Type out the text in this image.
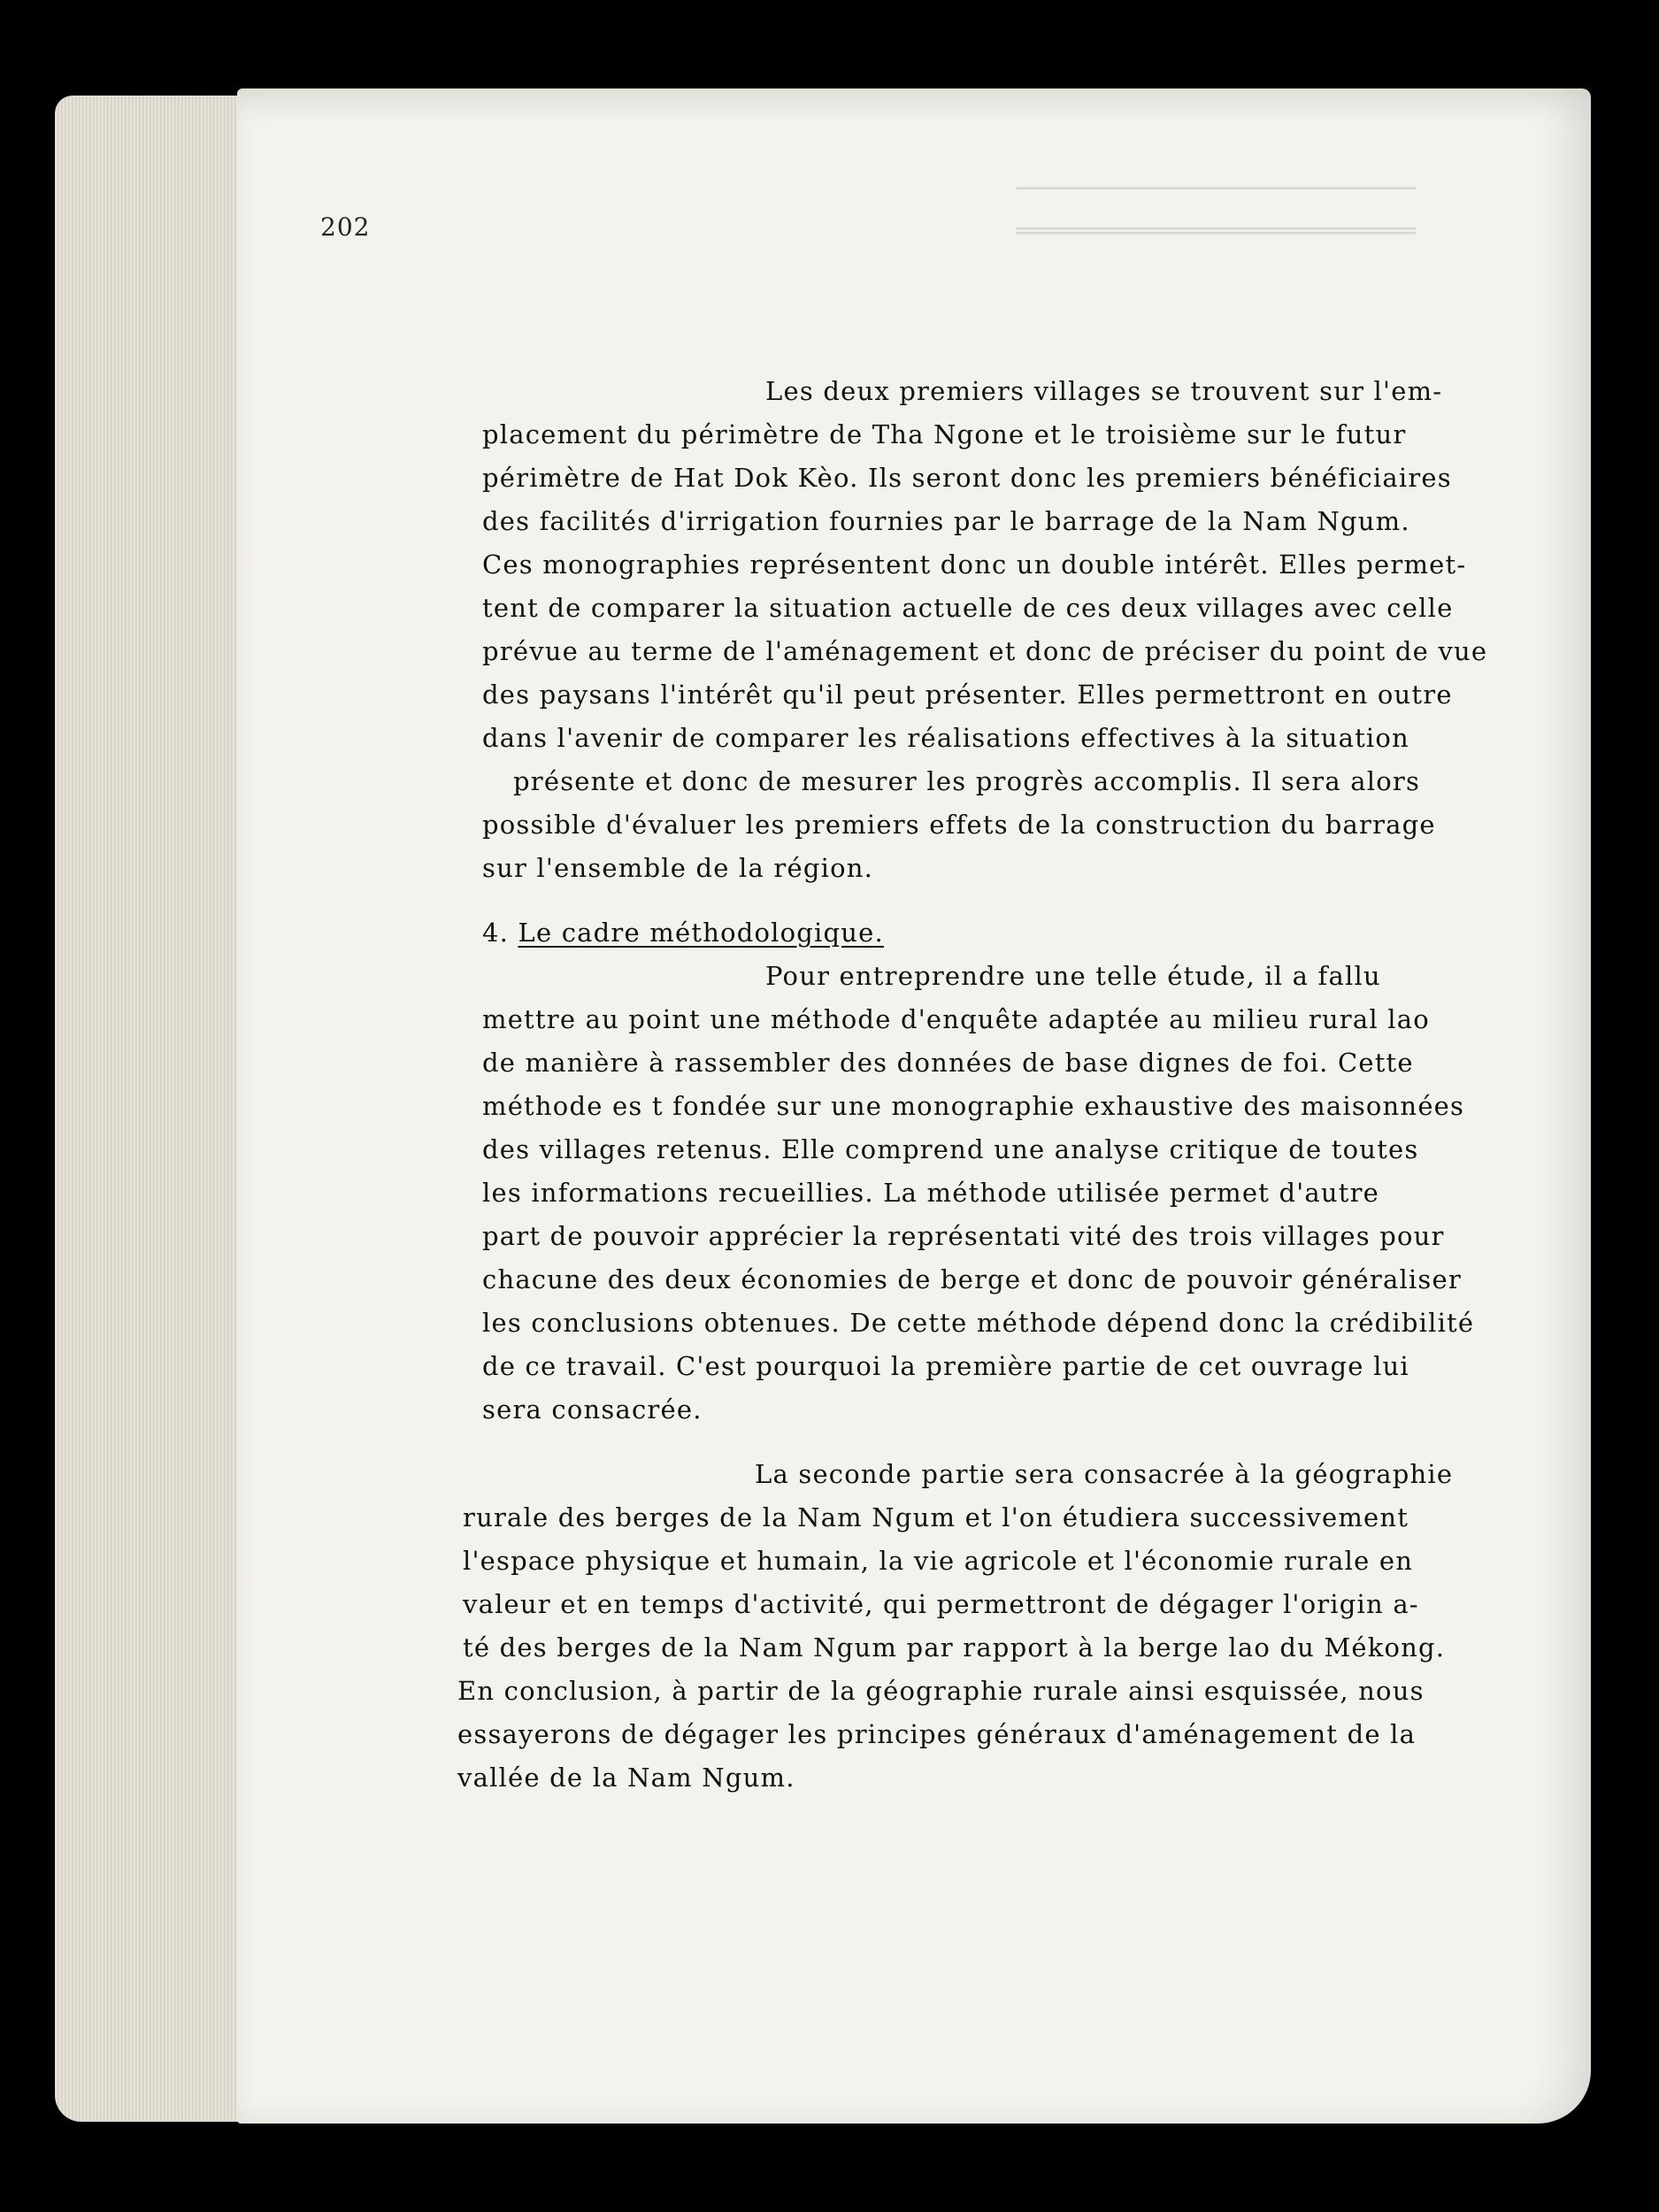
202
Les deux premiers villages se trouvent sur l'em-
placement du périmètre de Tha Ngone et le troisième sur le futur
périmètre de Hat Dok Kèo. Ils seront donc les premiers bénéficiaires
des facilités d'irrigation fournies par le barrage de la Nam Ngum.
Ces monographies représentent donc un double intérêt. Elles permet-
tent de comparer la situation actuelle de ces deux villages avec celle
prévue au terme de l'aménagement et donc de préciser du point de vue
des paysans l'intérêt qu'il peut présenter. Elles permettront en outre
dans l'avenir de comparer les réalisations effectives à la situation
présente et donc de mesurer les progrès accomplis. Il sera alors
possible d'évaluer les premiers effets de la construction du barrage
sur l'ensemble de la région.
4. Le cadre méthodologique.
Pour entreprendre une telle étude, il a fallu
mettre au point une méthode d'enquête adaptée au milieu rural lao
de manière à rassembler des données de base dignes de foi. Cette
méthode es t fondée sur une monographie exhaustive des maisonnées
des villages retenus. Elle comprend une analyse critique de toutes
les informations recueillies. La méthode utilisée permet d'autre
part de pouvoir apprécier la représentati vité des trois villages pour
chacune des deux économies de berge et donc de pouvoir généraliser
les conclusions obtenues. De cette méthode dépend donc la crédibilité
de ce travail. C'est pourquoi la première partie de cet ouvrage lui
sera consacrée.
La seconde partie sera consacrée à la géographie
rurale des berges de la Nam Ngum et l'on étudiera successivement
l'espace physique et humain, la vie agricole et l'économie rurale en
valeur et en temps d'activité, qui permettront de dégager l'origin a-
té des berges de la Nam Ngum par rapport à la berge lao du Mékong.
En conclusion, à partir de la géographie rurale ainsi esquissée, nous
essayerons de dégager les principes généraux d'aménagement de la
vallée de la Nam Ngum.
